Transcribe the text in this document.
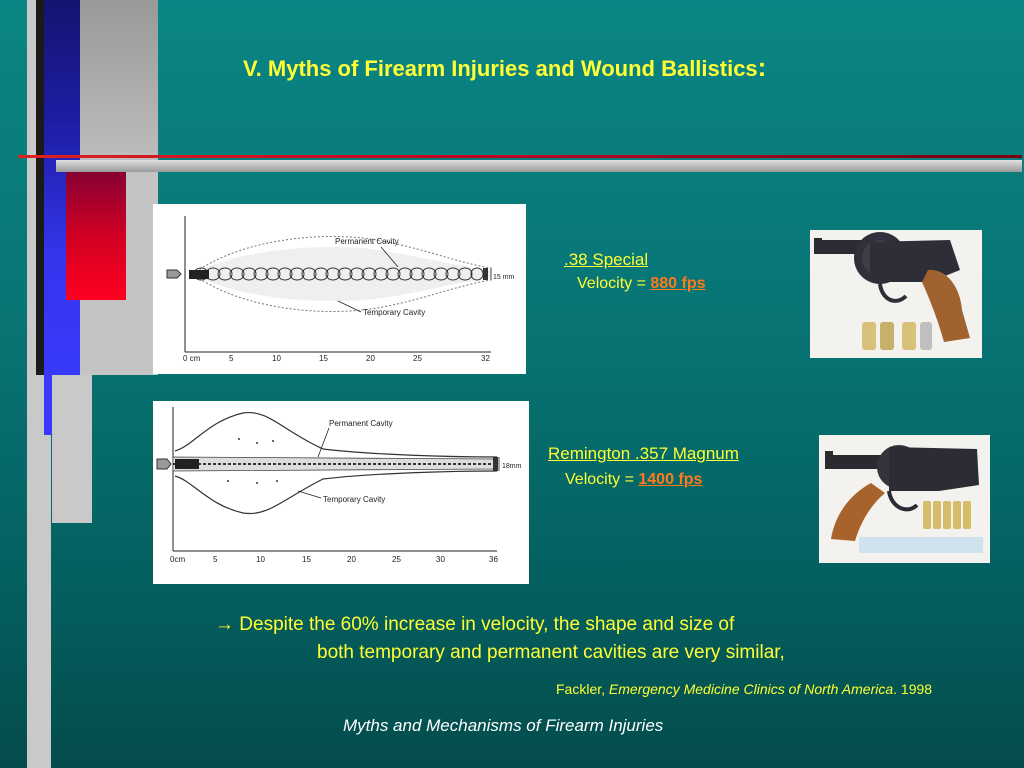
V. Myths of Firearm Injuries and Wound Ballistics:
Permanent Cavity
Temporary Cavity
15 mm
0 cm	5	10	15	20	25	32
Permanent Cavity
Temporary Cavity
18mm
0cm	5	10	15	20	25	30	36
.38 Special
Velocity = 880 fps
Remington .357 Magnum
Velocity = 1400 fps
→ Despite the 60% increase in velocity, the shape and size of
both temporary and permanent cavities are very similar,
Fackler, Emergency Medicine Clinics of North America. 1998
Myths and Mechanisms of Firearm Injuries
